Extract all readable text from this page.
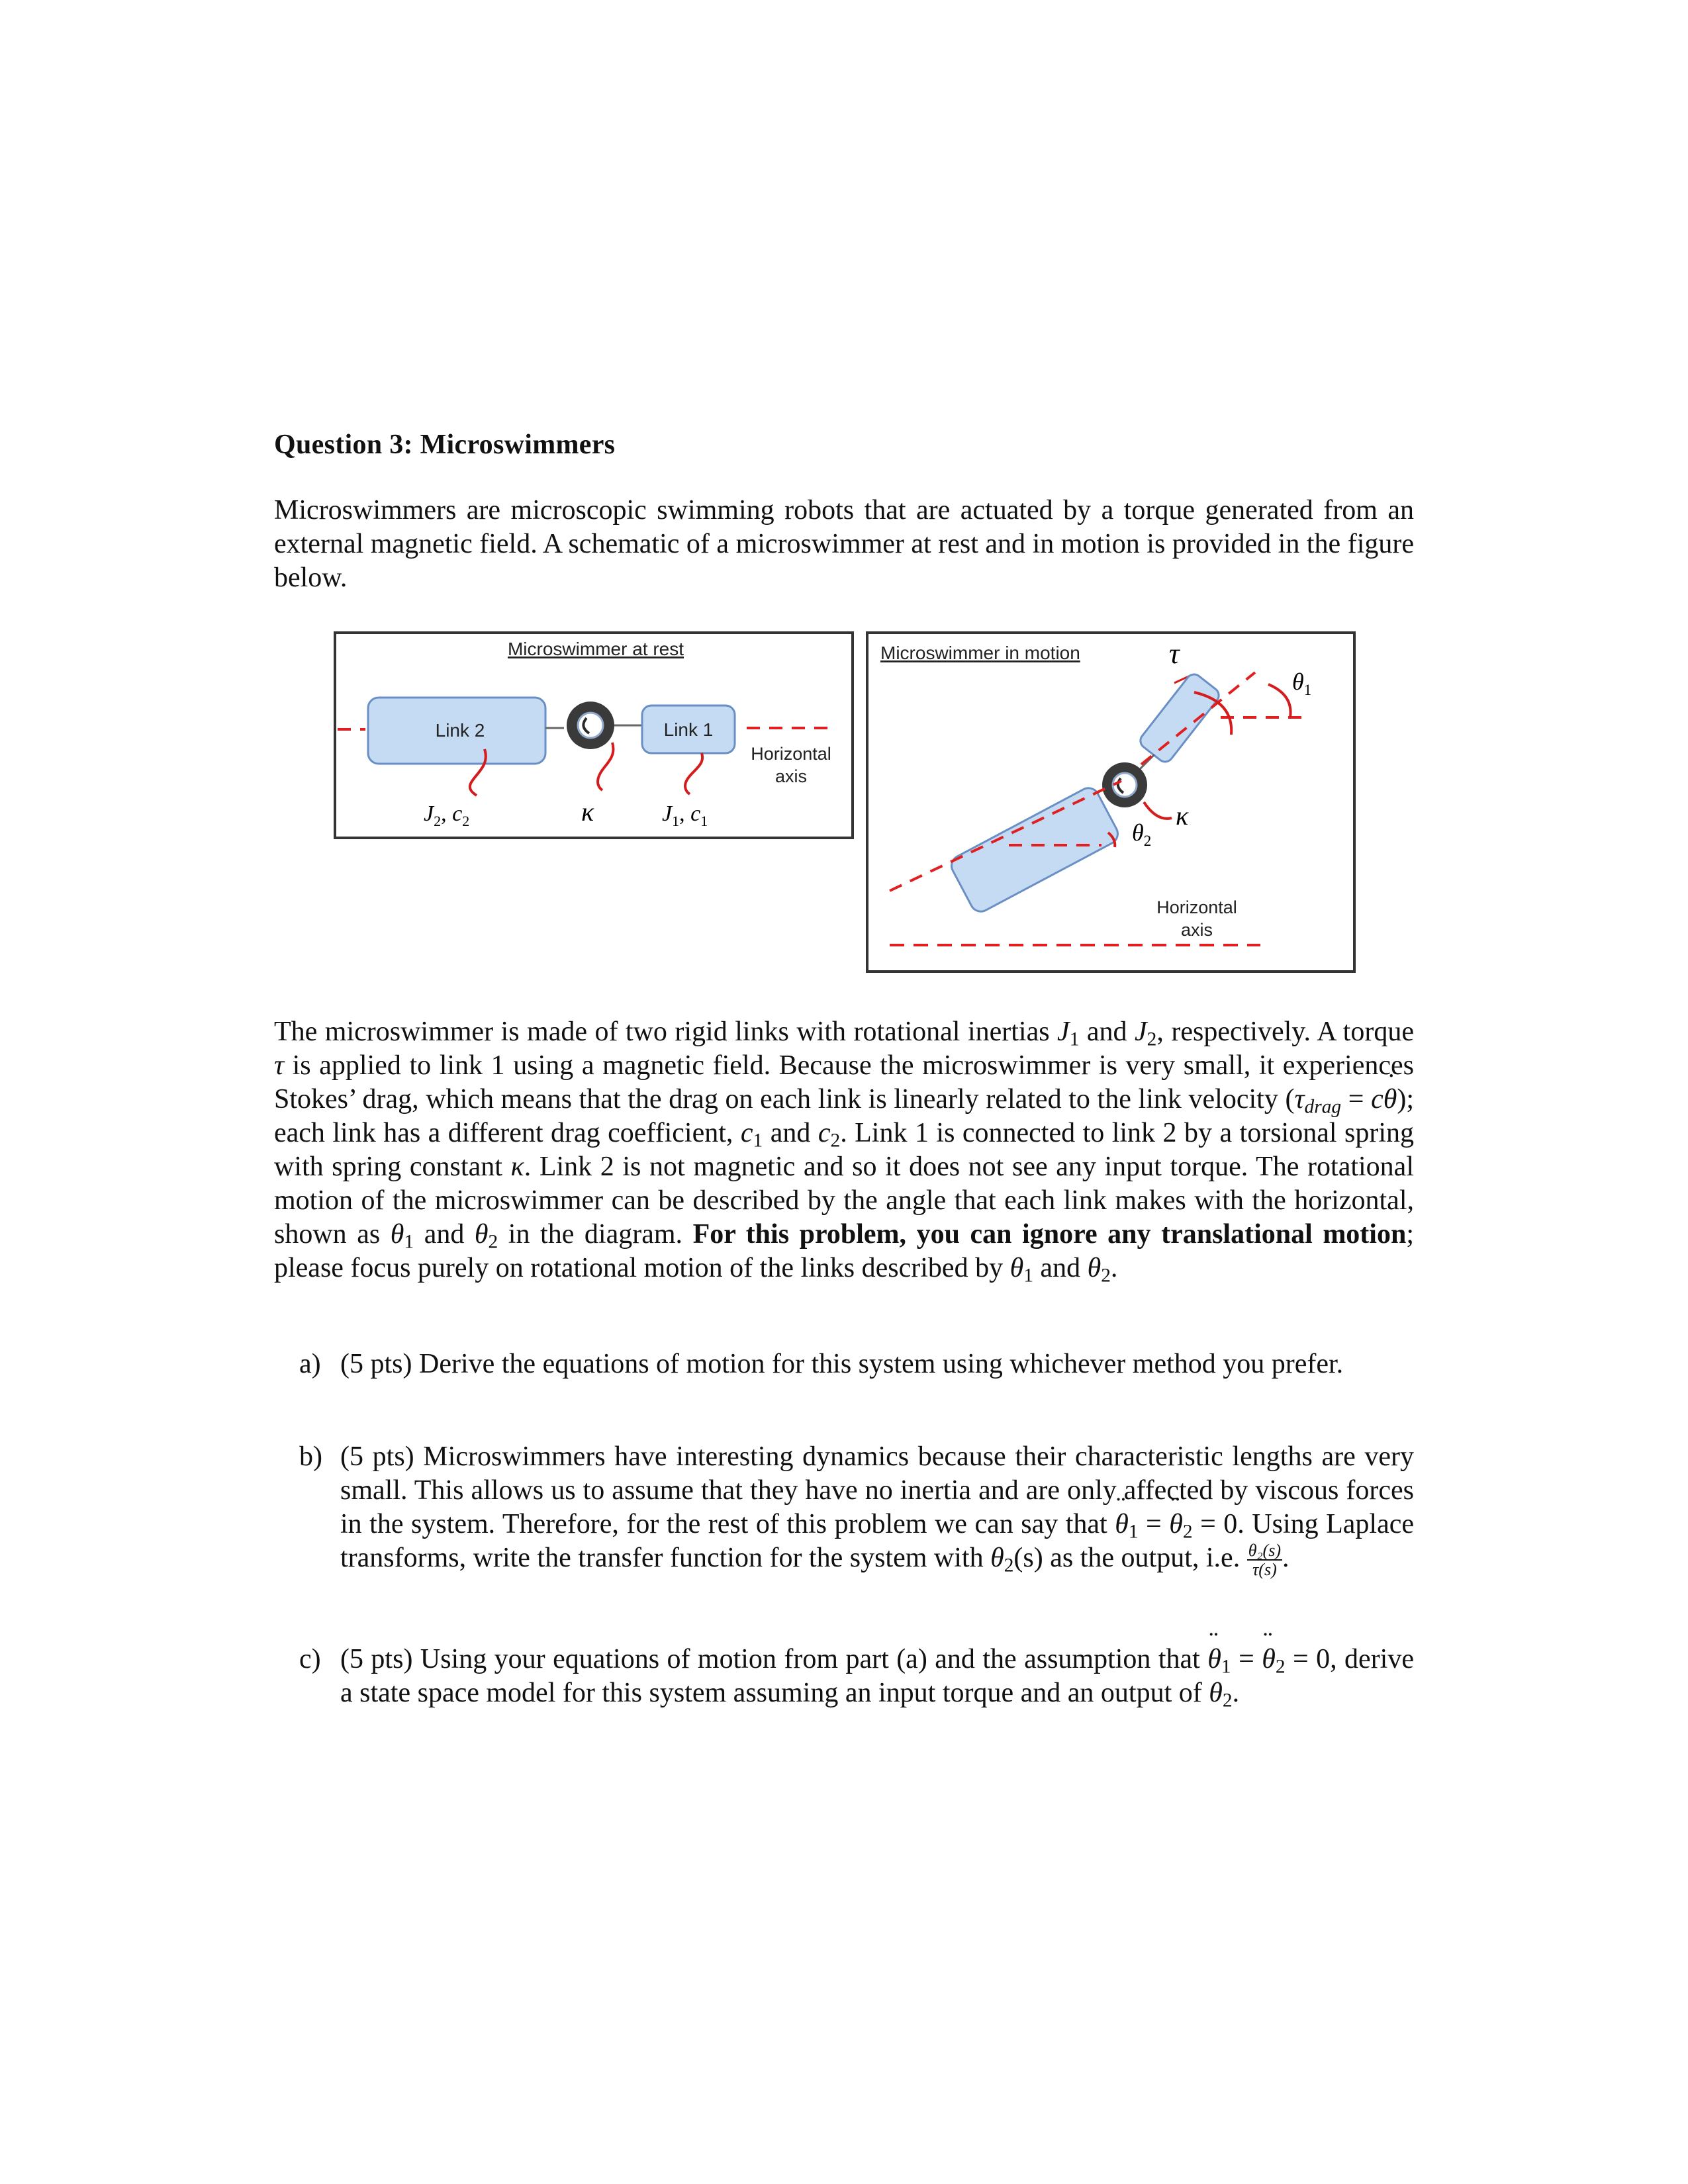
Question 3: Microswimmers
Microswimmers are microscopic swimming robots that are actuated by a torque generated from an external magnetic field. A schematic of a microswimmer at rest and in motion is provided in the figure below.
Microswimmer at rest
Link 2	Link 1
Horizontal
axis
$J_2$, $c_2$	κ	$J_1$, $c_1$
Microswimmer in motion	τ
$\theta_1$
$\theta_2$
κ
Horizontal
axis
The microswimmer is made of two rigid links with rotational inertias $J_1$ and $J_2$, respectively. A torque τ is applied to link 1 using a magnetic field. Because the microswimmer is very small, it experiences Stokes’ drag, which means that the drag on each link is linearly related to the link velocity ($\tau_{drag} = c\theta$ ˙); each link has a different drag coefficient, $c_1$ and $c_2$. Link 1 is connected to link 2 by a torsional spring with spring constant κ. Link 2 is not magnetic and so it does not see any input torque. The rotational motion of the microswimmer can be described by the angle that each link makes with the horizontal, shown as $\theta_1$ and $\theta_2$ in the diagram. For this problem, you can ignore any translational motion; please focus purely on rotational motion of the links described by $\theta_1$ and $\theta_2$.
a) (5 pts) Derive the equations of motion for this system using whichever method you prefer.
b) (5 pts) Microswimmers have interesting dynamics because their characteristic lengths are very small. This allows us to assume that they have no inertia and are only affected by viscous forces in the system. Therefore, for the rest of this problem we can say that θ $¨_1 = \theta$ $¨_2 = 0$. Using Laplace transforms, write the transfer function for the system with $\theta_2(s)$ as the output, i.e. $\frac{\text{θ₂(s)}}{\tau(s)}$ .
c) (5 pts) Using your equations of motion from part (a) and the assumption that θ $¨_1 = \theta$ $¨_2 = 0$, derive a state space model for this system assuming an input torque and an output of $\theta_2$.
